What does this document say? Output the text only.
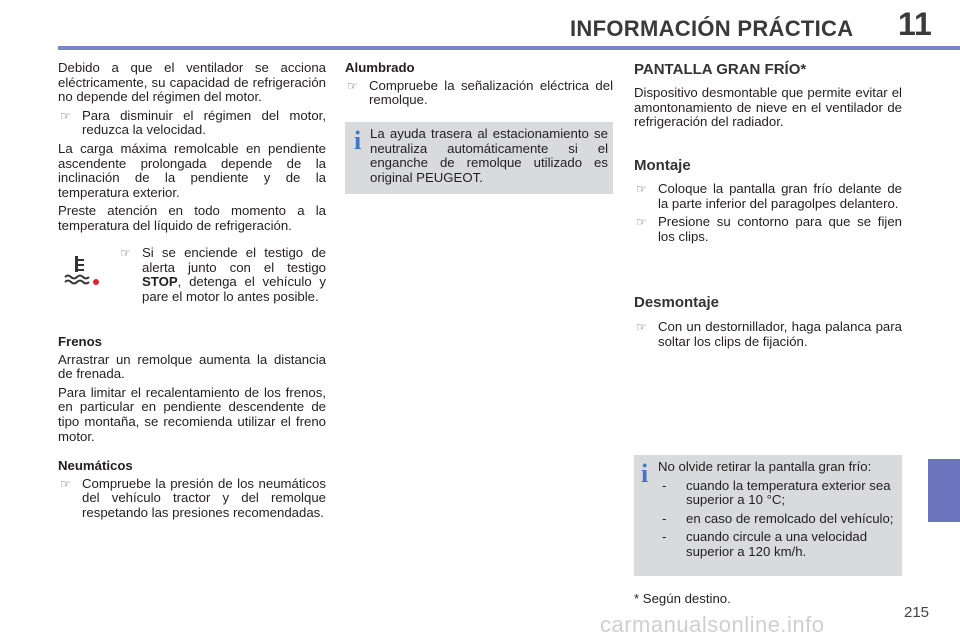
INFORMACIÓN PRÁCTICA 11

Debido a que el ventilador se acciona eléctricamente, su capacidad de refrigeración no depende del régimen del motor.

☞ Para disminuir el régimen del motor, reduzca la velocidad.

La carga máxima remolcable en pendiente ascendente prolongada depende de la inclinación de la pendiente y de la temperatura exterior.

Preste atención en todo momento a la temperatura del líquido de refrigeración.

☞ Si se enciende el testigo de alerta junto con el testigo STOP, detenga el vehículo y pare el motor lo antes posible.
Frenos

Arrastrar un remolque aumenta la distancia de frenada.

Para limitar el recalentamiento de los frenos, en particular en pendiente descendente de tipo montaña, se recomienda utilizar el freno motor.

Neumáticos
☞ Compruebe la presión de los neumáticos del vehículo tractor y del remolque respetando las presiones recomendadas.
Alumbrado
☞ Compruebe la señalización eléctrica del remolque.
i La ayuda trasera al estacionamiento se neutraliza automáticamente si el enganche de remolque utilizado es original PEUGEOT.

PANTALLA GRAN FRÍO*

Dispositivo desmontable que permite evitar el amontonamiento de nieve en el ventilador de refrigeración del radiador.

Montaje
☞ Coloque la pantalla gran frío delante de la parte inferior del paragolpes delantero.
☞ Presione su contorno para que se fijen los clips.
Desmontaje
☞ Con un destornillador, haga palanca para soltar los clips de fijación.
i No olvide retirar la pantalla gran frío:

- cuando la temperatura exterior sea superior a 10 °C;
- en caso de remolcado del vehículo;
- cuando circule a una velocidad superior a 120 km/h.
* Según destino.
215
carmanualsonline.info
